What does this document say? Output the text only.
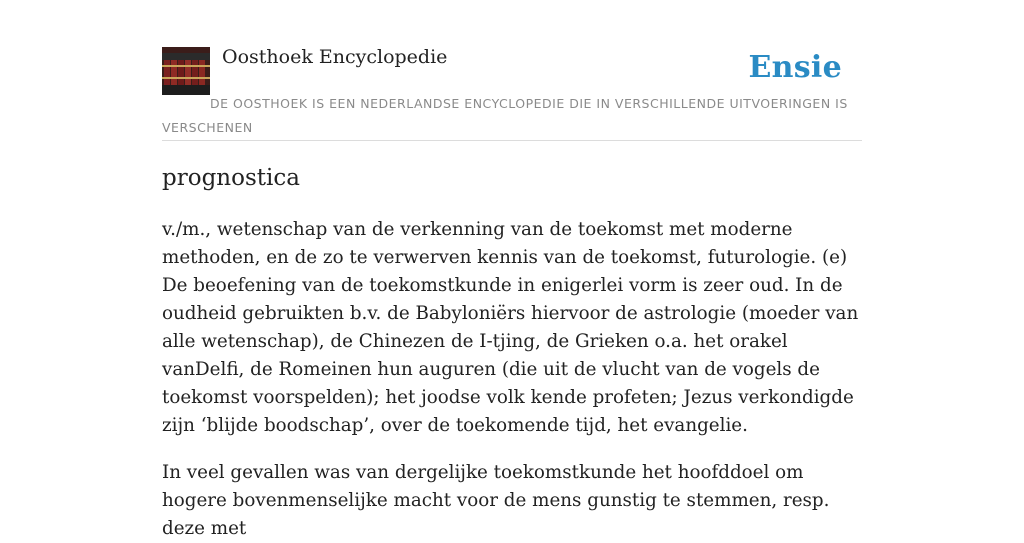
Oosthoek Encyclopedie	Ensie
DE OOSTHOEK IS EEN NEDERLANDSE ENCYCLOPEDIE DIE IN VERSCHILLENDE UITVOERINGEN IS VERSCHENEN
prognostica

v./m., wetenschap van de verkenning van de toekomst met moderne methoden, en de zo te verwerven kennis van de toekomst, futurologie. (e) De beoefening van de toekomstkunde in enigerlei vorm is zeer oud. In de oudheid gebruikten b.v. de Babyloniërs hiervoor de astrologie (moeder van alle wetenschap), de Chinezen de I-tjing, de Grieken o.a. het orakel vanDelfi, de Romeinen hun auguren (die uit de vlucht van de vogels de toekomst voorspelden); het joodse volk kende profeten; Jezus verkondigde zijn ‘blijde boodschap’, over de toekomende tijd, het evangelie.

In veel gevallen was van dergelijke toekomstkunde het hoofddoel om hogere bovenmenselijke macht voor de mens gunstig te stemmen, resp. deze met
